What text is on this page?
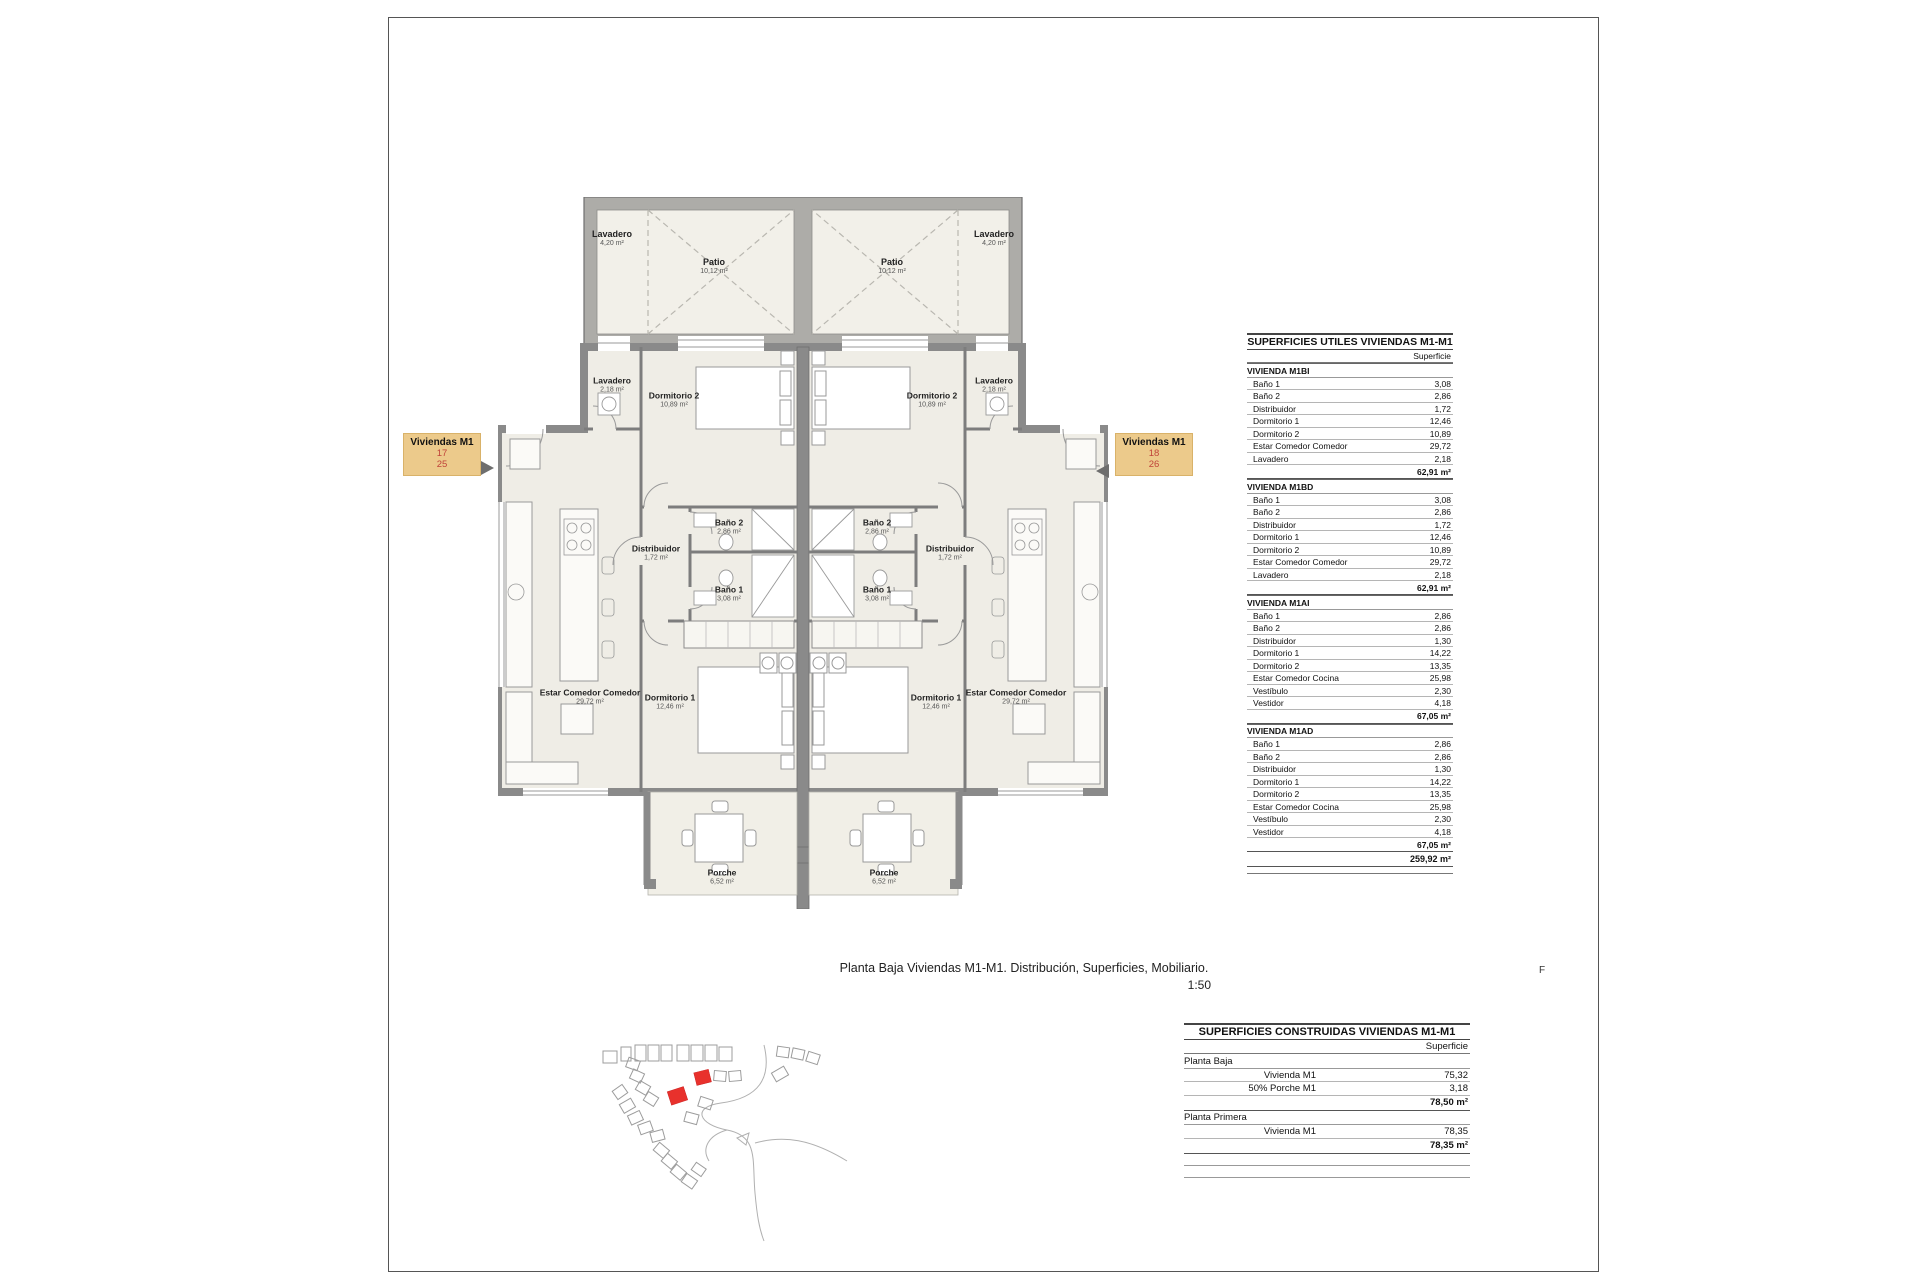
Lavadero
4,20 m²
Patio
10,12 m²
Lavadero
2,18 m²
Dormitorio 2
10,89 m²
Baño 2
2,86 m²
Distribuidor
1,72 m²
Baño 1
3,08 m²
Dormitorio 1
12,46 m²
Estar Comedor Comedor
29,72 m²
Porche
6,52 m²
Lavadero
4,20 m²
Patio
10,12 m²
Lavadero
2,18 m²
Dormitorio 2
10,89 m²
Baño 2
2,86 m²
Distribuidor
1,72 m²
Baño 1
3,08 m²
Dormitorio 1
12,46 m²
Estar Comedor Comedor
29,72 m²
Porche
6,52 m²
Viviendas M1
17
25
Viviendas M1
18
26
Planta Baja Viviendas M1-M1. Distribución, Superficies, Mobiliario.
1:50
F
SUPERFICIES UTILES VIVIENDAS M1-M1
Superficie
VIVIENDA M1BI
Baño 1	3,08
Baño 2	2,86
Distribuidor	1,72
Dormitorio 1	12,46
Dormitorio 2	10,89
Estar Comedor Comedor	29,72
Lavadero	2,18
62,91 m²
VIVIENDA M1BD
Baño 1	3,08
Baño 2	2,86
Distribuidor	1,72
Dormitorio 1	12,46
Dormitorio 2	10,89
Estar Comedor Comedor	29,72
Lavadero	2,18
62,91 m²
VIVIENDA M1AI
Baño 1	2,86
Baño 2	2,86
Distribuidor	1,30
Dormitorio 1	14,22
Dormitorio 2	13,35
Estar Comedor Cocina	25,98
Vestíbulo	2,30
Vestidor	4,18
67,05 m²
VIVIENDA M1AD
Baño 1	2,86
Baño 2	2,86
Distribuidor	1,30
Dormitorio 1	14,22
Dormitorio 2	13,35
Estar Comedor Cocina	25,98
Vestíbulo	2,30
Vestidor	4,18
67,05 m²
259,92 m²
SUPERFICIES CONSTRUIDAS VIVIENDAS M1-M1
Superficie
Planta Baja
Vivienda M1	75,32
50% Porche M1	3,18
78,50 m²
Planta Primera
Vivienda M1	78,35
78,35 m²
